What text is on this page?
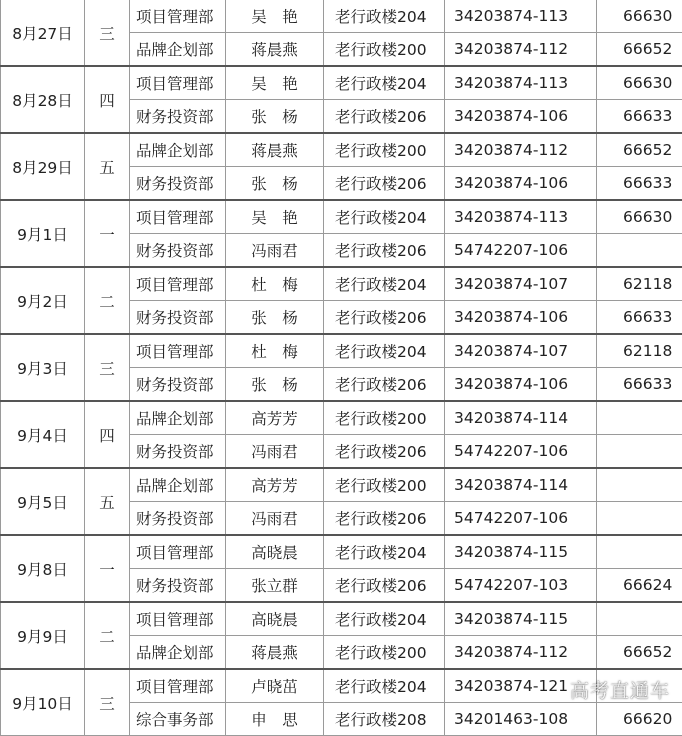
8月27日	三	项目管理部	吴　艳	老行政楼204	34203874-113	66630
		品牌企划部	蒋晨燕	老行政楼200	34203874-112	66652
8月28日	四	项目管理部	吴　艳	老行政楼204	34203874-113	66630
		财务投资部	张　杨	老行政楼206	34203874-106	66633
8月29日	五	品牌企划部	蒋晨燕	老行政楼200	34203874-112	66652
		财务投资部	张　杨	老行政楼206	34203874-106	66633
9月1日	一	项目管理部	吴　艳	老行政楼204	34203874-113	66630
		财务投资部	冯雨君	老行政楼206	54742207-106	
9月2日	二	项目管理部	杜　梅	老行政楼204	34203874-107	62118
		财务投资部	张　杨	老行政楼206	34203874-106	66633
9月3日	三	项目管理部	杜　梅	老行政楼204	34203874-107	62118
		财务投资部	张　杨	老行政楼206	34203874-106	66633
9月4日	四	品牌企划部	高芳芳	老行政楼200	34203874-114	
		财务投资部	冯雨君	老行政楼206	54742207-106	
9月5日	五	品牌企划部	高芳芳	老行政楼200	34203874-114	
		财务投资部	冯雨君	老行政楼206	54742207-106	
9月8日	一	项目管理部	高晓晨	老行政楼204	34203874-115	
		财务投资部	张立群	老行政楼206	54742207-103	66624
9月9日	二	项目管理部	高晓晨	老行政楼204	34203874-115	
		品牌企划部	蒋晨燕	老行政楼200	34203874-112	66652
9月10日	三	项目管理部	卢晓茁	老行政楼204	34203874-121	
		综合事务部	申　思	老行政楼208	34201463-108	66620
高考直通车
